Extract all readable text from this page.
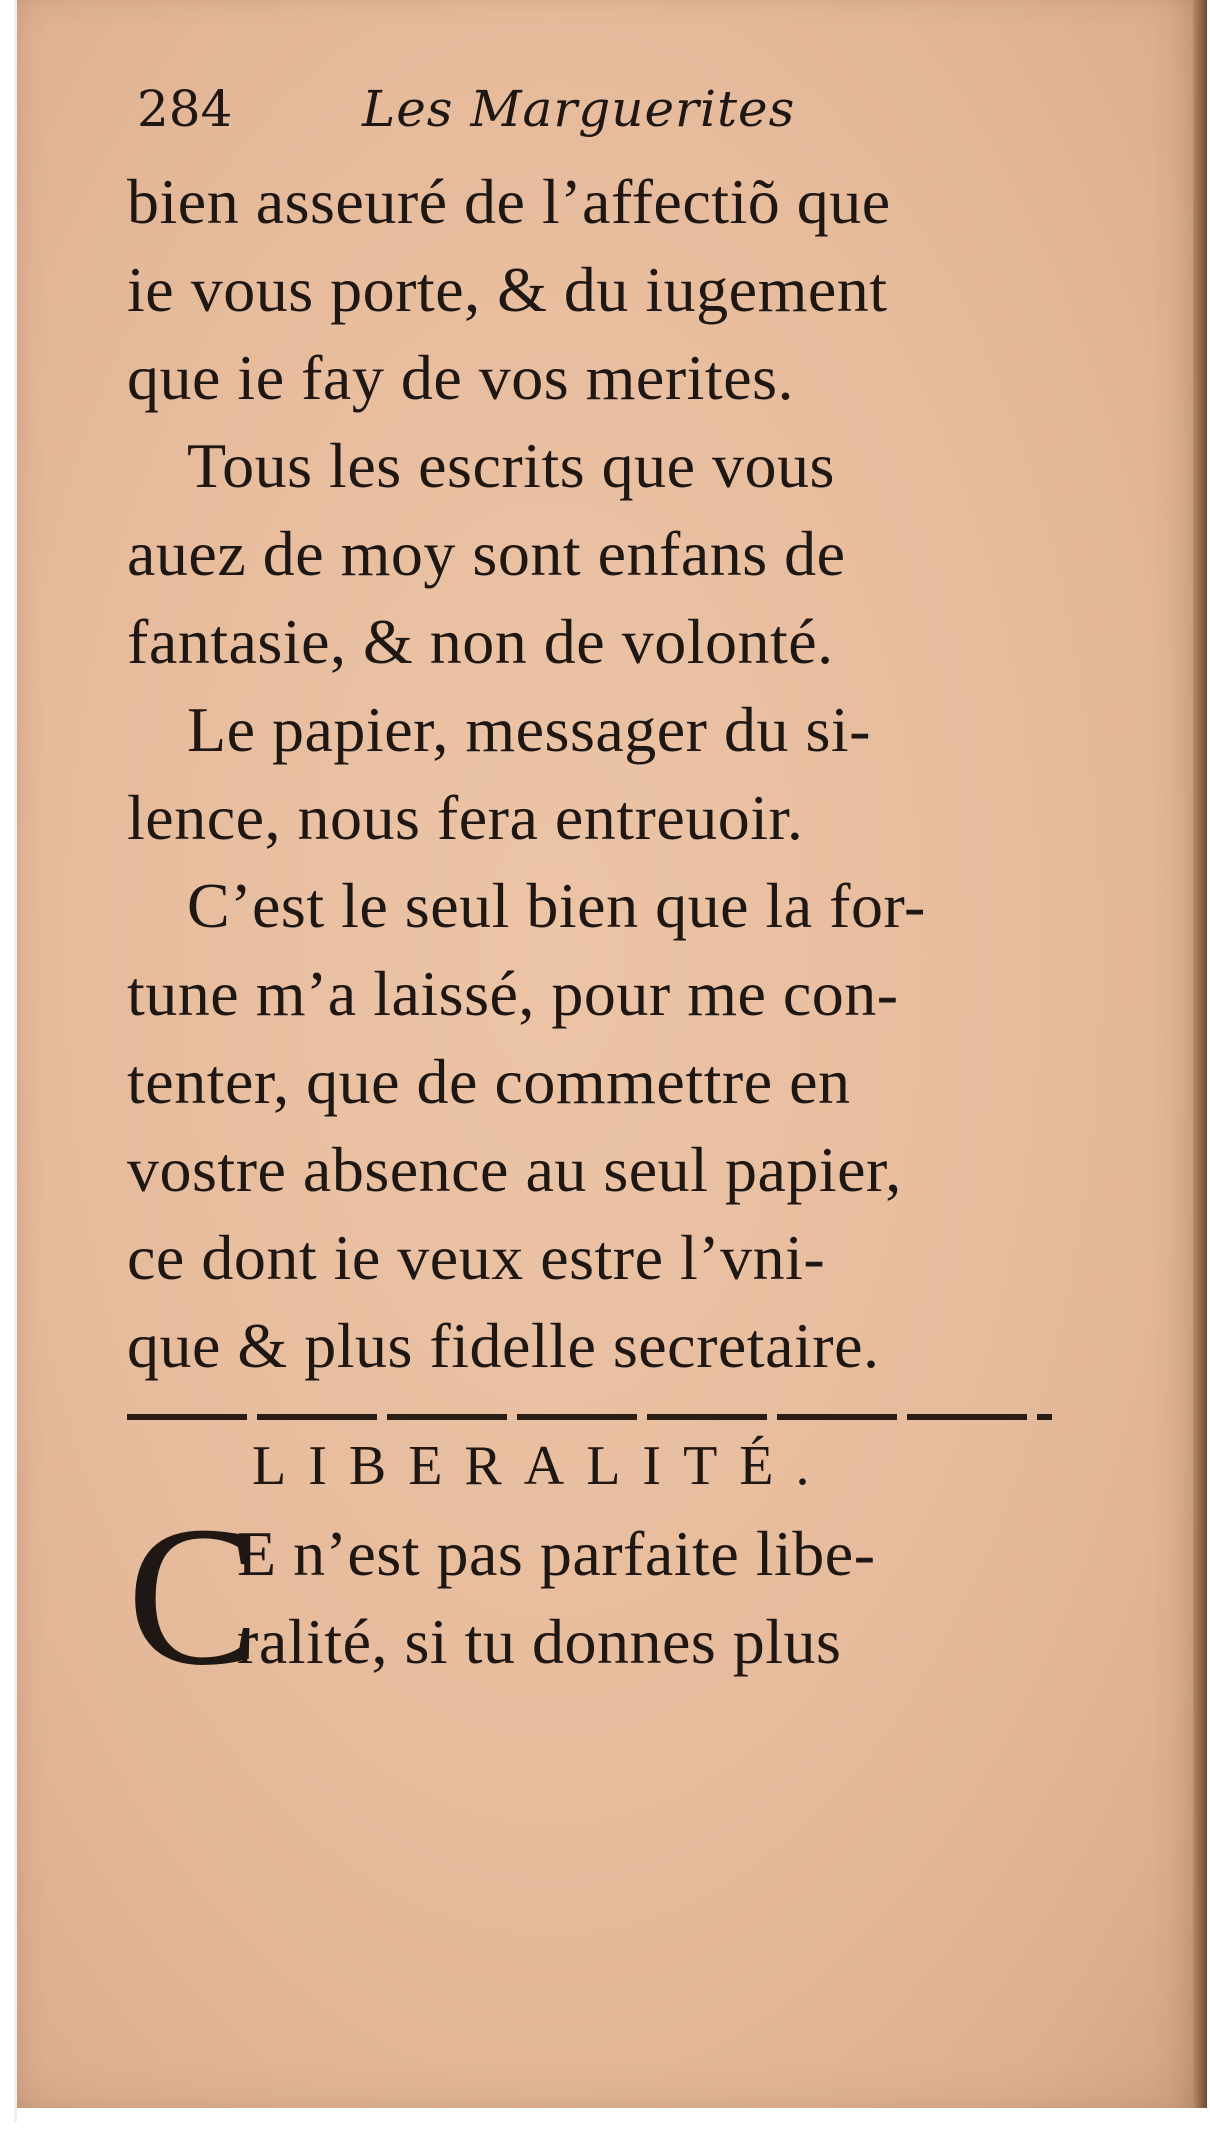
284	Les Marguerites
bien asseuré de l’affectiõ que
ie vous porte, & du iugement
que ie fay de vos merites.
Tous les escrits que vous
auez de moy sont enfans de
fantasie, & non de volonté.
Le papier, messager du si-
lence, nous fera entreuoir.
C’est le seul bien que la for-
tune m’a laissé, pour me con-
tenter, que de commettre en
vostre absence au seul papier,
ce dont ie veux estre l’vni-
que & plus fidelle secretaire.
LIBERALITÉ.
C
E n’est pas parfaite libe-
ralité, si tu donnes plus
